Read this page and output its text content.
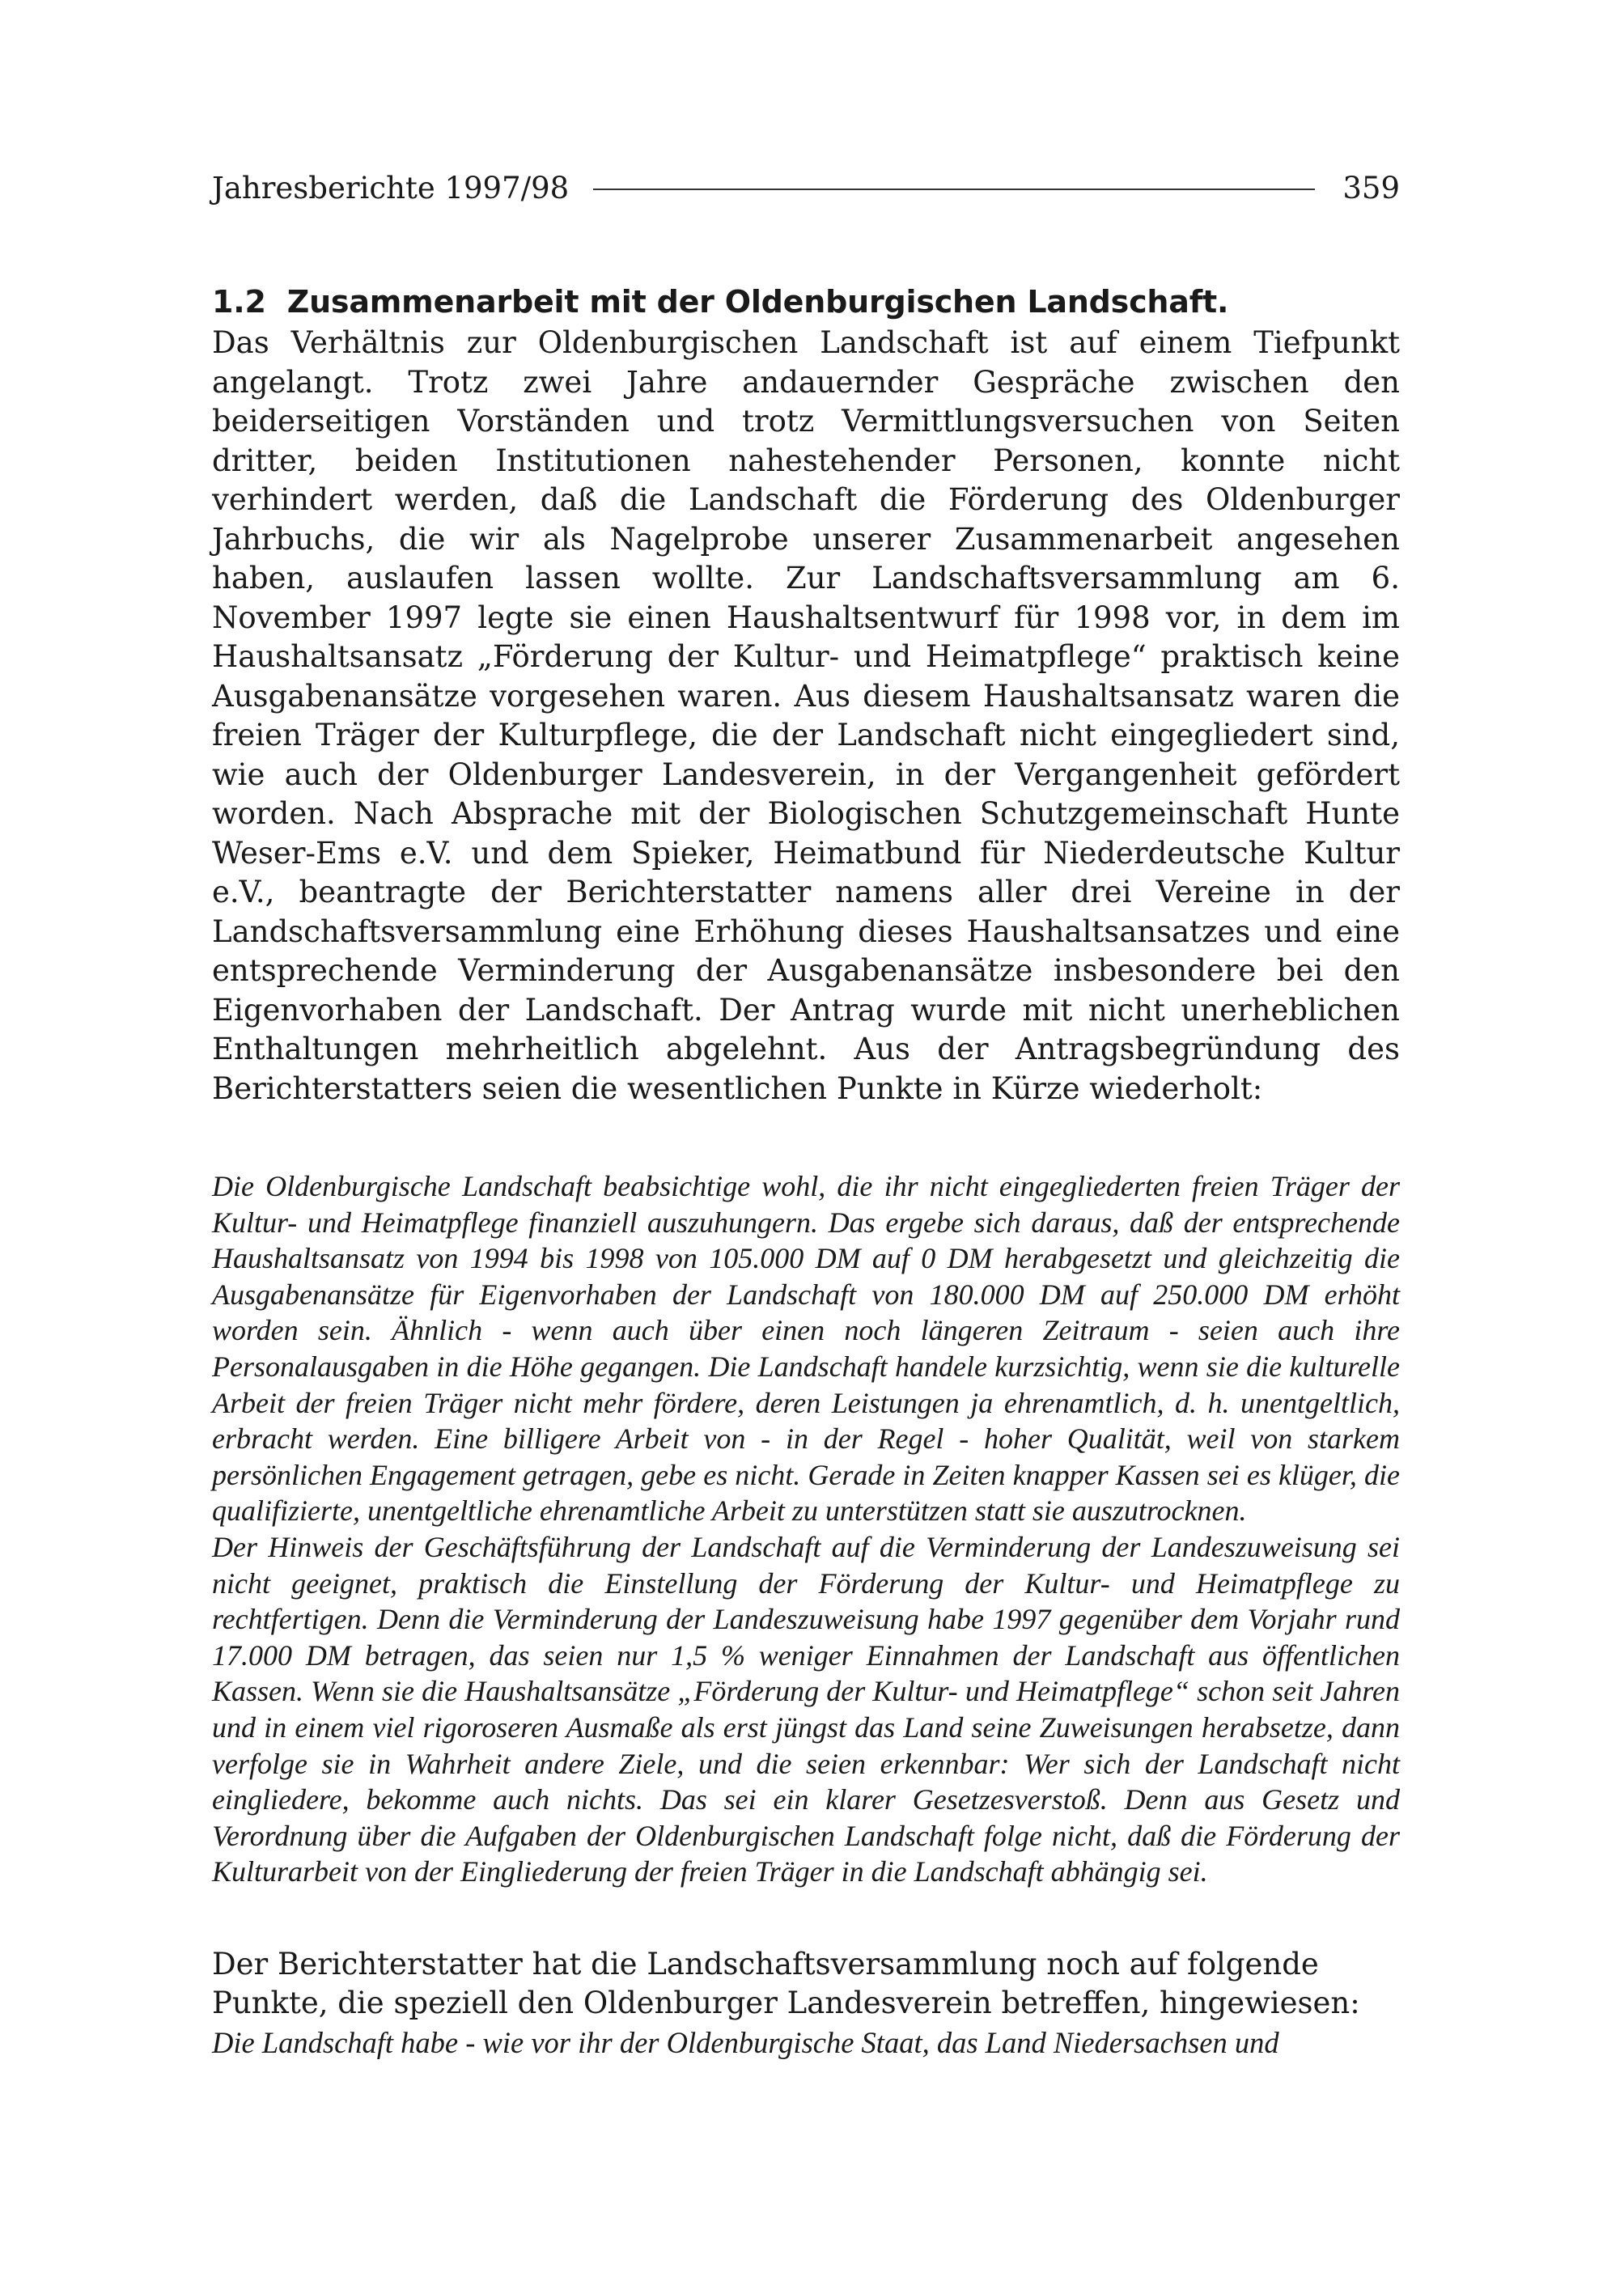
Jahresberichte 1997/98	359
1.2 Zusammenarbeit mit der Oldenburgischen Landschaft.

Das Verhältnis zur Oldenburgischen Landschaft ist auf einem Tiefpunkt angelangt. Trotz zwei Jahre andauernder Gespräche zwischen den beiderseitigen Vorständen und trotz Vermittlungsversuchen von Seiten dritter, beiden Institutionen nahestehender Personen, konnte nicht verhindert werden, daß die Landschaft die Förderung des Oldenburger Jahrbuchs, die wir als Nagelprobe unserer Zusammenarbeit angesehen haben, auslaufen lassen wollte. Zur Landschaftsversammlung am 6. November 1997 legte sie einen Haushaltsentwurf für 1998 vor, in dem im Haushaltsansatz „Förderung der Kultur- und Heimatpflege“ praktisch keine Ausgabenansätze vorgesehen waren. Aus diesem Haushaltsansatz waren die freien Träger der Kulturpflege, die der Landschaft nicht eingegliedert sind, wie auch der Oldenburger Landesverein, in der Vergangenheit gefördert worden. Nach Absprache mit der Biologischen Schutzgemeinschaft Hunte Weser-Ems e.V. und dem Spieker, Heimatbund für Niederdeutsche Kultur e.V., beantragte der Berichterstatter namens aller drei Vereine in der Landschaftsversammlung eine Erhöhung dieses Haushaltsansatzes und eine entsprechende Verminderung der Ausgabenansätze insbesondere bei den Eigenvorhaben der Landschaft. Der Antrag wurde mit nicht unerheblichen Enthaltungen mehrheitlich abgelehnt. Aus der Antragsbegründung des Berichterstatters seien die wesentlichen Punkte in Kürze wiederholt:

Die Oldenburgische Landschaft beabsichtige wohl, die ihr nicht eingegliederten freien Träger der Kultur- und Heimatpflege finanziell auszuhungern. Das ergebe sich daraus, daß der entsprechende Haushaltsansatz von 1994 bis 1998 von 105.000 DM auf 0 DM herabgesetzt und gleichzeitig die Ausgabenansätze für Eigenvorhaben der Landschaft von 180.000 DM auf 250.000 DM erhöht worden sein. Ähnlich - wenn auch über einen noch längeren Zeitraum - seien auch ihre Personalausgaben in die Höhe gegangen. Die Landschaft handele kurzsichtig, wenn sie die kulturelle Arbeit der freien Träger nicht mehr fördere, deren Leistungen ja ehrenamtlich, d. h. unentgeltlich, erbracht werden. Eine billigere Arbeit von - in der Regel - hoher Qualität, weil von starkem persönlichen Engagement getragen, gebe es nicht. Gerade in Zeiten knapper Kassen sei es klüger, die qualifizierte, unentgeltliche ehrenamtliche Arbeit zu unterstützen statt sie auszutrocknen.

Der Hinweis der Geschäftsführung der Landschaft auf die Verminderung der Landeszuweisung sei nicht geeignet, praktisch die Einstellung der Förderung der Kultur- und Heimatpflege zu rechtfertigen. Denn die Verminderung der Landeszuweisung habe 1997 gegenüber dem Vorjahr rund 17.000 DM betragen, das seien nur 1,5 % weniger Einnahmen der Landschaft aus öffentlichen Kassen. Wenn sie die Haushaltsansätze „Förderung der Kultur- und Heimatpflege“ schon seit Jahren und in einem viel rigoroseren Ausmaße als erst jüngst das Land seine Zuweisungen herabsetze, dann verfolge sie in Wahrheit andere Ziele, und die seien erkennbar: Wer sich der Landschaft nicht eingliedere, bekomme auch nichts. Das sei ein klarer Gesetzesverstoß. Denn aus Gesetz und Verordnung über die Aufgaben der Oldenburgischen Landschaft folge nicht, daß die Förderung der Kulturarbeit von der Eingliederung der freien Träger in die Landschaft abhängig sei.

Der Berichterstatter hat die Landschaftsversammlung noch auf folgende Punkte, die speziell den Oldenburger Landesverein betreffen, hingewiesen:

Die Landschaft habe - wie vor ihr der Oldenburgische Staat, das Land Niedersachsen und
